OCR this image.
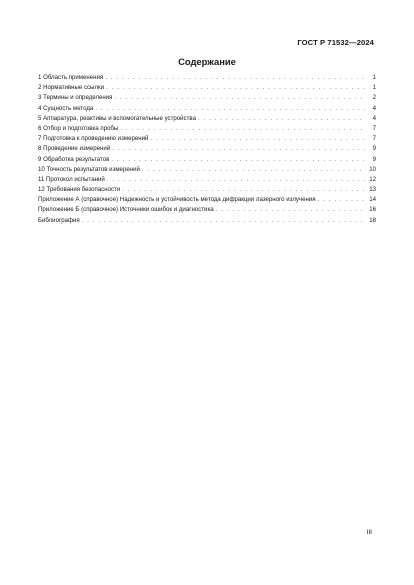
ГОСТ Р 71532—2024
Содержание
1 Область применения . . .	1
2 Нормативные ссылки . . .	1
3 Термины и определения . . .	2
4 Сущность метода . . .	4
5 Аппаратура, реактивы и вспомогательные устройства . . .	4
6 Отбор и подготовка пробы . . .	7
7 Подготовка к проведению измерений . . .	7
8 Проведение измерений . . .	9
9 Обработка результатов . . .	9
10 Точность результатов измерений . . .	10
11 Протокол испытаний . . .	12
12 Требования безопасности . . .	13
Приложение А (справочное) Надежность и устойчивость метода дифракции лазерного излучения . . .	14
Приложение Б (справочное) Источники ошибок и диагностика . . .	16
Библиография . . .	18
III
